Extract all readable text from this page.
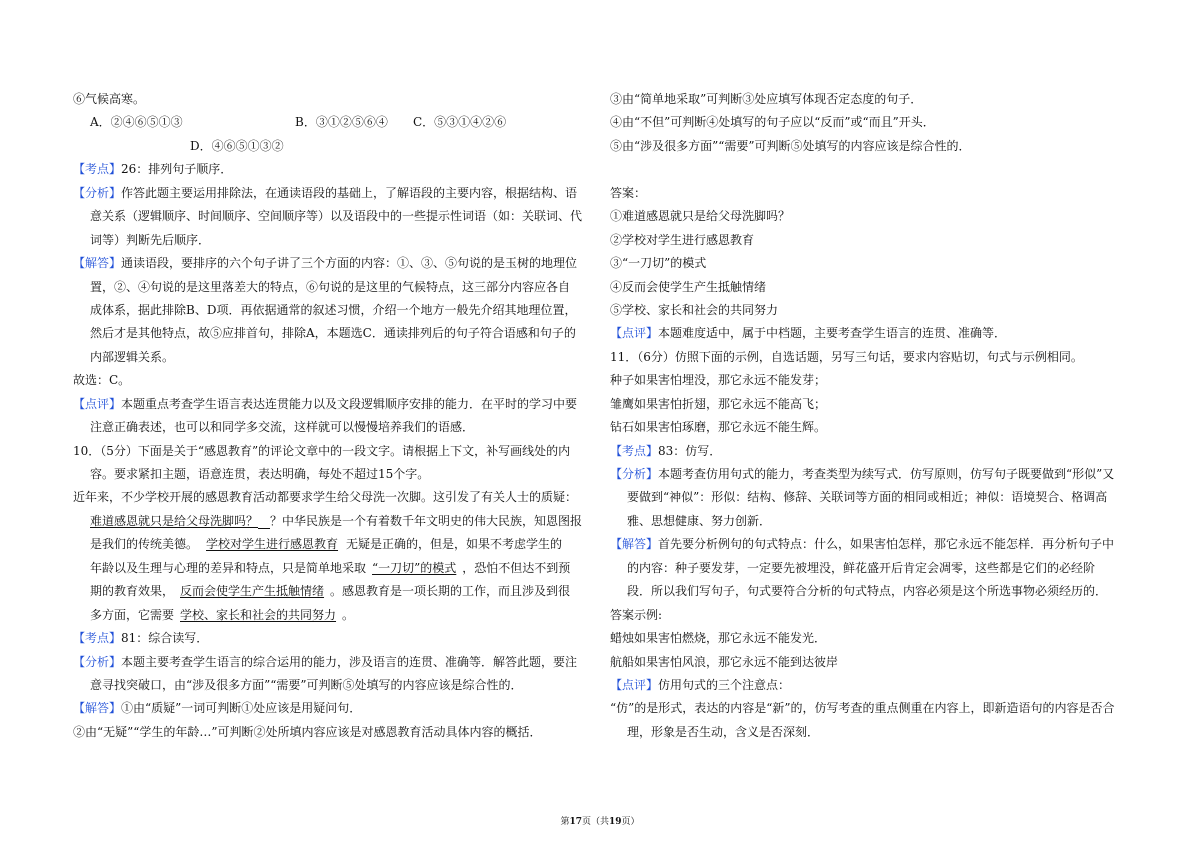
⑥气候高寒。
A．②④⑥⑤①③	B．③①②⑤⑥④ C．⑤③①④②⑥
D．④⑥⑤①③②
【考点】26：排列句子顺序．
【分析】作答此题主要运用排除法，在通读语段的基础上，了解语段的主要内容，根据结构、语
意关系（逻辑顺序、时间顺序、空间顺序等）以及语段中的一些提示性词语（如：关联词、代
词等）判断先后顺序．
【解答】通读语段，要排序的六个句子讲了三个方面的内容：①、③、⑤句说的是玉树的地理位
置，②、④句说的是这里落差大的特点，⑥句说的是这里的气候特点，这三部分内容应各自
成体系，据此排除B、D项．再依据通常的叙述习惯，介绍一个地方一般先介绍其地理位置，
然后才是其他特点，故⑤应排首句，排除A，本题选C．通读排列后的句子符合语感和句子的
内部逻辑关系。
故选：C。
【点评】本题重点考查学生语言表达连贯能力以及文段逻辑顺序安排的能力．在平时的学习中要
注意正确表述，也可以和同学多交流，这样就可以慢慢培养我们的语感．
10．（5分）下面是关于“感恩教育”的评论文章中的一段文字。请根据上下文，补写画线处的内
容。要求紧扣主题，语意连贯，表达明确，每处不超过15个字。
近年来，不少学校开展的感恩教育活动都要求学生给父母洗一次脚。这引发了有关人士的质疑：
难道感恩就只是给父母洗脚吗？ ？中华民族是一个有着数千年文明史的伟大民族，知恩图报
是我们的传统美德。 学校对学生进行感恩教育 无疑是正确的，但是，如果不考虑学生的
年龄以及生理与心理的差异和特点，只是简单地采取 “一刀切”的模式 ，恐怕不但达不到预
期的教育效果， 反而会使学生产生抵触情绪 。感恩教育是一项长期的工作，而且涉及到很
多方面，它需要 学校、家长和社会的共同努力 。
【考点】81：综合读写．
【分析】本题主要考查学生语言的综合运用的能力，涉及语言的连贯、准确等．解答此题，要注
意寻找突破口，由“涉及很多方面”“需要”可判断⑤处填写的内容应该是综合性的．
【解答】①由“质疑”一词可判断①处应该是用疑问句．
②由“无疑”“学生的年龄…”可判断②处所填内容应该是对感恩教育活动具体内容的概括．
③由“简单地采取”可判断③处应填写体现否定态度的句子．
④由“不但”可判断④处填写的句子应以“反而”或“而且”开头．
⑤由“涉及很多方面”“需要”可判断⑤处填写的内容应该是综合性的．
答案：
①难道感恩就只是给父母洗脚吗？
②学校对学生进行感恩教育
③“一刀切”的模式
④反而会使学生产生抵触情绪
⑤学校、家长和社会的共同努力
【点评】本题难度适中，属于中档题，主要考查学生语言的连贯、准确等．
11．（6分）仿照下面的示例，自选话题，另写三句话，要求内容贴切，句式与示例相同。
种子如果害怕埋没，那它永远不能发芽；
雏鹰如果害怕折翅，那它永远不能高飞；
钻石如果害怕琢磨，那它永远不能生辉。
【考点】83：仿写．
【分析】本题考查仿用句式的能力，考查类型为续写式．仿写原则，仿写句子既要做到“形似”又
要做到“神似”：形似：结构、修辞、关联词等方面的相同或相近；神似：语境契合、格调高
雅、思想健康、努力创新．
【解答】首先要分析例句的句式特点：什么，如果害怕怎样，那它永远不能怎样．再分析句子中
的内容：种子要发芽，一定要先被埋没，鲜花盛开后肯定会凋零，这些都是它们的必经阶
段．所以我们写句子，句式要符合分析的句式特点，内容必须是这个所选事物必须经历的．
答案示例:
蜡烛如果害怕燃烧，那它永远不能发光．
航船如果害怕风浪，那它永远不能到达彼岸
【点评】仿用句式的三个注意点：
“仿”的是形式，表达的内容是“新”的，仿写考查的重点侧重在内容上，即新造语句的内容是否合
理，形象是否生动，含义是否深刻．
第17页（共19页）
